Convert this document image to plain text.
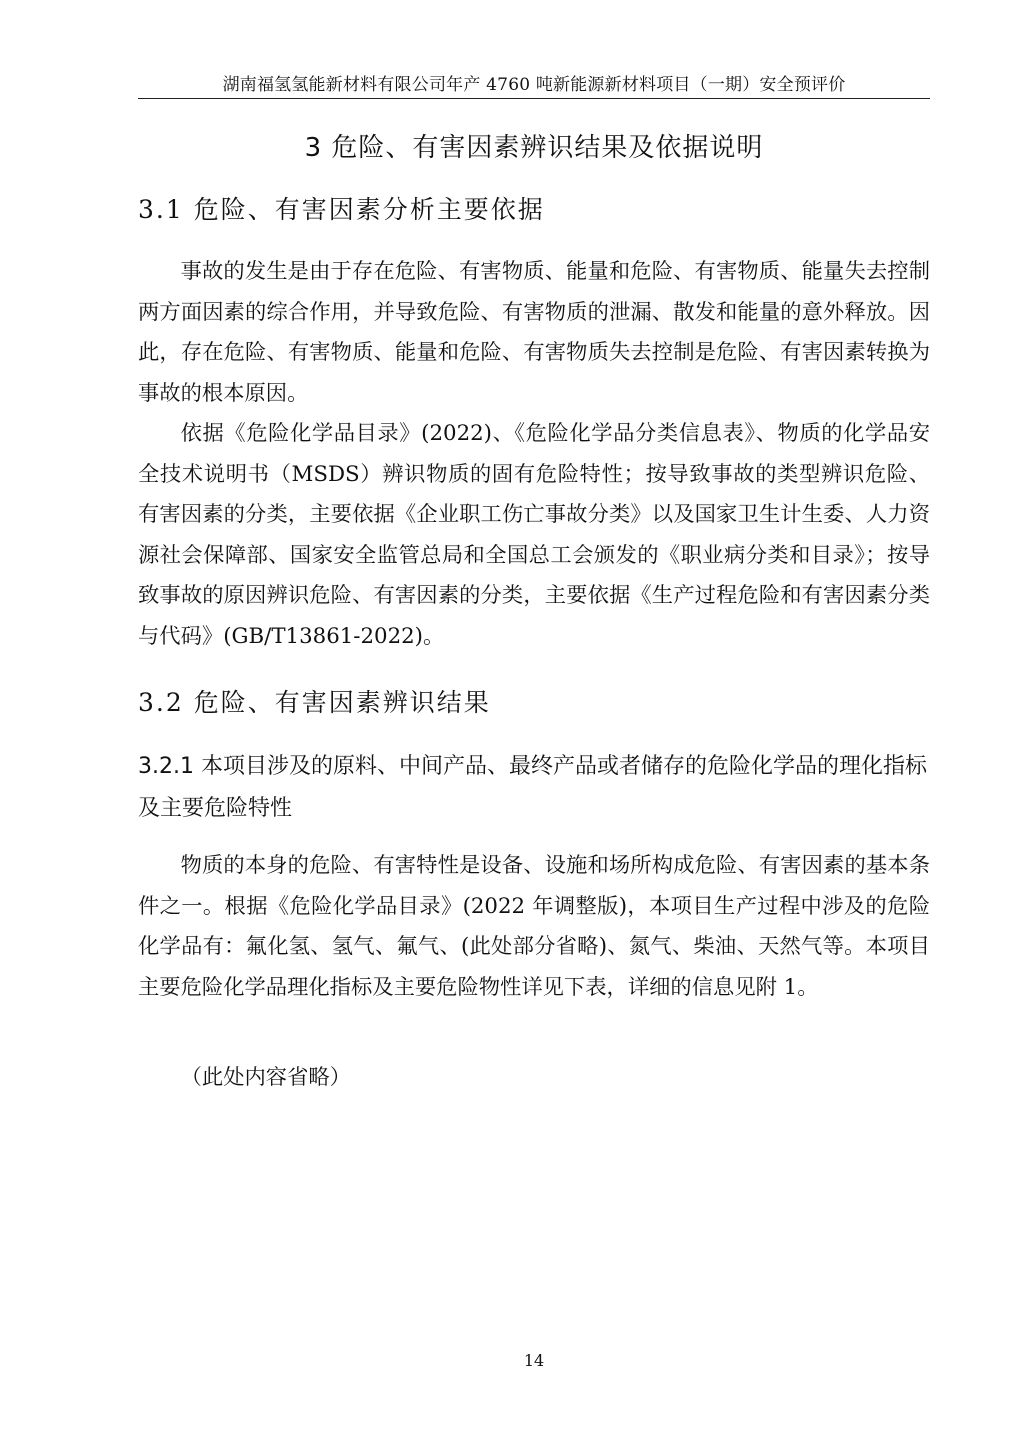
湖南福氢氢能新材料有限公司年产 4760 吨新能源新材料项目（一期）安全预评价
3 危险、有害因素辨识结果及依据说明
3.1 危险、有害因素分析主要依据

事故的发生是由于存在危险、有害物质、能量和危险、有害物质、能量失去控制两方面因素的综合作用，并导致危险、有害物质的泄漏、散发和能量的意外释放。因此，存在危险、有害物质、能量和危险、有害物质失去控制是危险、有害因素转换为事故的根本原因。

依据《危险化学品目录》(2022)、《危险化学品分类信息表》、物质的化学品安全技术说明书（MSDS）辨识物质的固有危险特性；按导致事故的类型辨识危险、有害因素的分类，主要依据《企业职工伤亡事故分类》以及国家卫生计生委、人力资源社会保障部、国家安全监管总局和全国总工会颁发的《职业病分类和目录》；按导致事故的原因辨识危险、有害因素的分类，主要依据《生产过程危险和有害因素分类与代码》(GB/T13861-2022)。

3.2 危险、有害因素辨识结果
3.2.1 本项目涉及的原料、中间产品、最终产品或者储存的危险化学品的理化指标及主要危险特性

物质的本身的危险、有害特性是设备、设施和场所构成危险、有害因素的基本条件之一。根据《危险化学品目录》(2022 年调整版)，本项目生产过程中涉及的危险化学品有：氟化氢、氢气、氟气、(此处部分省略)、氮气、柴油、天然气等。本项目主要危险化学品理化指标及主要危险物性详见下表，详细的信息见附 1。

（此处内容省略）

14
